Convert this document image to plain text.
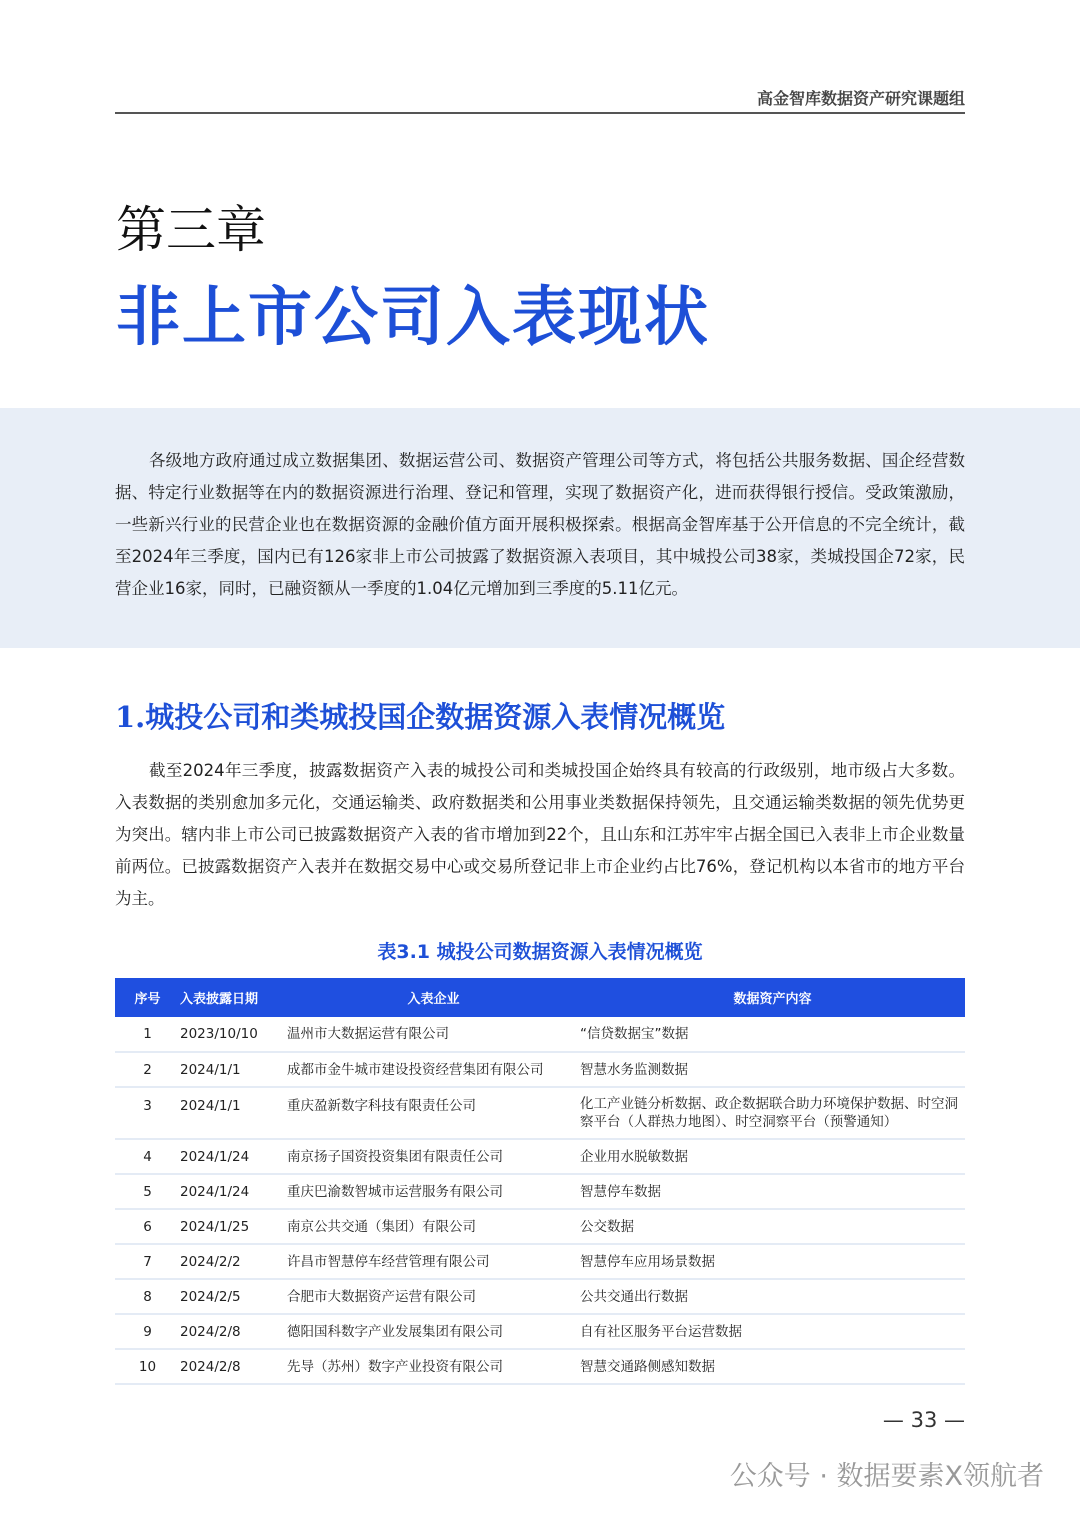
高金智库数据资产研究课题组
第三章
非上市公司入表现状

各级地方政府通过成立数据集团、数据运营公司、数据资产管理公司等方式，将包括公共服务数据、国企经营数据、特定行业数据等在内的数据资源进行治理、登记和管理，实现了数据资产化，进而获得银行授信。受政策激励，一些新兴行业的民营企业也在数据资源的金融价值方面开展积极探索。根据高金智库基于公开信息的不完全统计，截至2024年三季度，国内已有126家非上市公司披露了数据资源入表项目，其中城投公司38家，类城投国企72家，民营企业16家，同时，已融资额从一季度的1.04亿元增加到三季度的5.11亿元。

1.城投公司和类城投国企数据资源入表情况概览

截至2024年三季度，披露数据资产入表的城投公司和类城投国企始终具有较高的行政级别，地市级占大多数。入表数据的类别愈加多元化，交通运输类、政府数据类和公用事业类数据保持领先，且交通运输类数据的领先优势更为突出。辖内非上市公司已披露数据资产入表的省市增加到22个，且山东和江苏牢牢占据全国已入表非上市企业数量前两位。已披露数据资产入表并在数据交易中心或交易所登记非上市企业约占比76%，登记机构以本省市的地方平台为主。

表3.1 城投公司数据资源入表情况概览
序号	入表披露日期	入表企业	数据资产内容
1	2023/10/10	温州市大数据运营有限公司	“信贷数据宝”数据
2	2024/1/1	成都市金牛城市建设投资经营集团有限公司	智慧水务监测数据
3	2024/1/1	重庆盈新数字科技有限责任公司	化工产业链分析数据、政企数据联合助力环境保护数据、时空洞察平台（人群热力地图）、时空洞察平台（预警通知）
4	2024/1/24	南京扬子国资投资集团有限责任公司	企业用水脱敏数据
5	2024/1/24	重庆巴渝数智城市运营服务有限公司	智慧停车数据
6	2024/1/25	南京公共交通（集团）有限公司	公交数据
7	2024/2/2	许昌市智慧停车经营管理有限公司	智慧停车应用场景数据
8	2024/2/5	合肥市大数据资产运营有限公司	公共交通出行数据
9	2024/2/8	德阳国科数字产业发展集团有限公司	自有社区服务平台运营数据
10	2024/2/8	先导（苏州）数字产业投资有限公司	智慧交通路侧感知数据
— 33 —
公众号 · 数据要素X领航者
